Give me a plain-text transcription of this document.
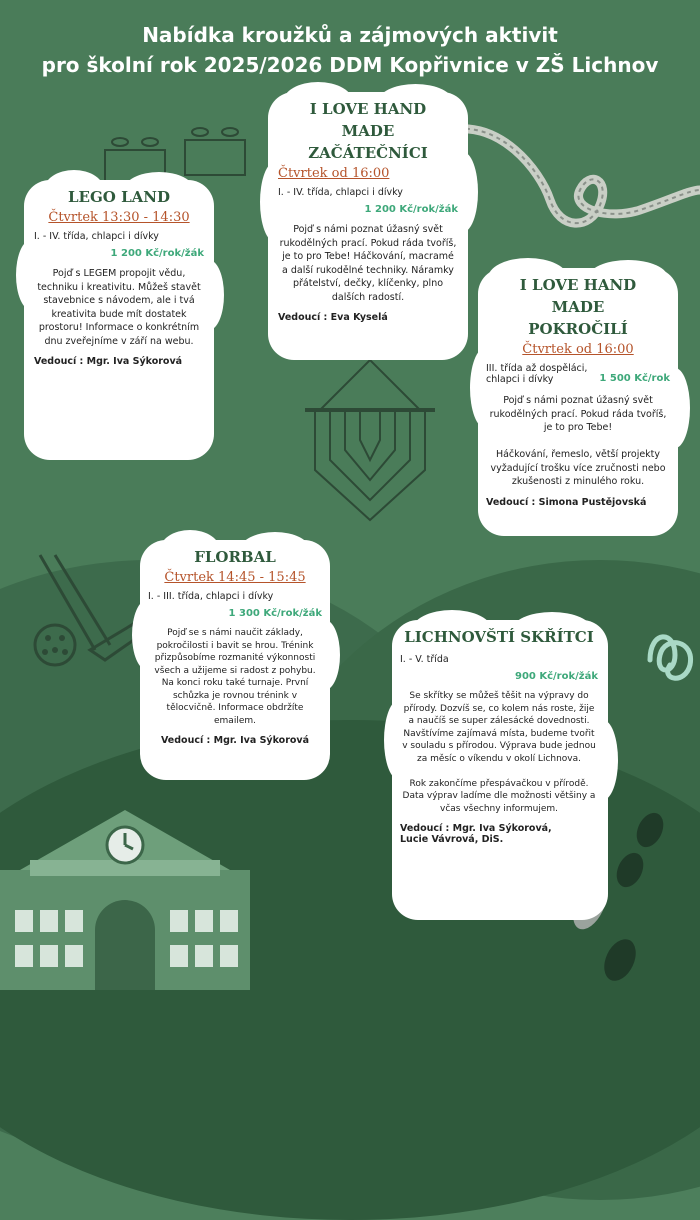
Nabídka kroužků a zájmových aktivit
pro školní rok 2025/2026 DDM Kopřivnice v ZŠ Lichnov
LEGO LAND
Čtvrtek 13:30 - 14:30
I. - IV. třída, chlapci i dívky
1 200 Kč/rok/žák
Pojď s LEGEM propojit vědu, techniku i kreativitu. Můžeš stavět stavebnice s návodem, ale i tvá kreativita bude mít dostatek prostoru! Informace o konkrétním dnu zveřejníme v září na webu.
Vedoucí : Mgr. Iva Sýkorová
I LOVE HAND MADE ZAČÁTEČNÍCI
Čtvrtek od 16:00
I. - IV. třída, chlapci i dívky
1 200 Kč/rok/žák
Pojď s námi poznat úžasný svět rukodělných prací. Pokud ráda tvoříš, je to pro Tebe! Háčkování, macramé a další rukodělné techniky. Náramky přátelství, dečky, klíčenky, plno dalších radostí.
Vedoucí : Eva Kyselá
I LOVE HAND MADE POKROČILÍ
Čtvrtek od 16:00
III. třída až dospěláci, chlapci i dívky	1 500 Kč/rok
Pojď s námi poznat úžasný svět rukodělných prací. Pokud ráda tvoříš, je to pro Tebe!

Háčkování, řemeslo, větší projekty vyžadující trošku více zručnosti nebo zkušenosti z minulého roku.
Vedoucí : Simona Pustějovská
FLORBAL
Čtvrtek 14:45 - 15:45
I. - III. třída, chlapci i dívky
1 300 Kč/rok/žák
Pojď se s námi naučit základy, pokročilosti i bavit se hrou. Trénink přizpůsobíme rozmanité výkonnosti všech a užijeme si radost z pohybu. Na konci roku také turnaje. První schůzka je rovnou trénink v tělocvičně. Informace obdržíte emailem.
Vedoucí : Mgr. Iva Sýkorová
LICHNOVŠTÍ SKŘÍTCI
I. - V. třída
900 Kč/rok/žák
Se skřítky se můžeš těšit na výpravy do přírody. Dozvíš se, co kolem nás roste, žije a naučíš se super zálesácké dovednosti. Navštívíme zajímavá místa, budeme tvořit v souladu s přírodou. Výprava bude jednou za měsíc o víkendu v okolí Lichnova.

Rok zakončíme přespávačkou v přírodě.
Data výprav ladíme dle možnosti většiny a včas všechny informujem.
Vedoucí : Mgr. Iva Sýkorová,
Lucie Vávrová, DiS.
